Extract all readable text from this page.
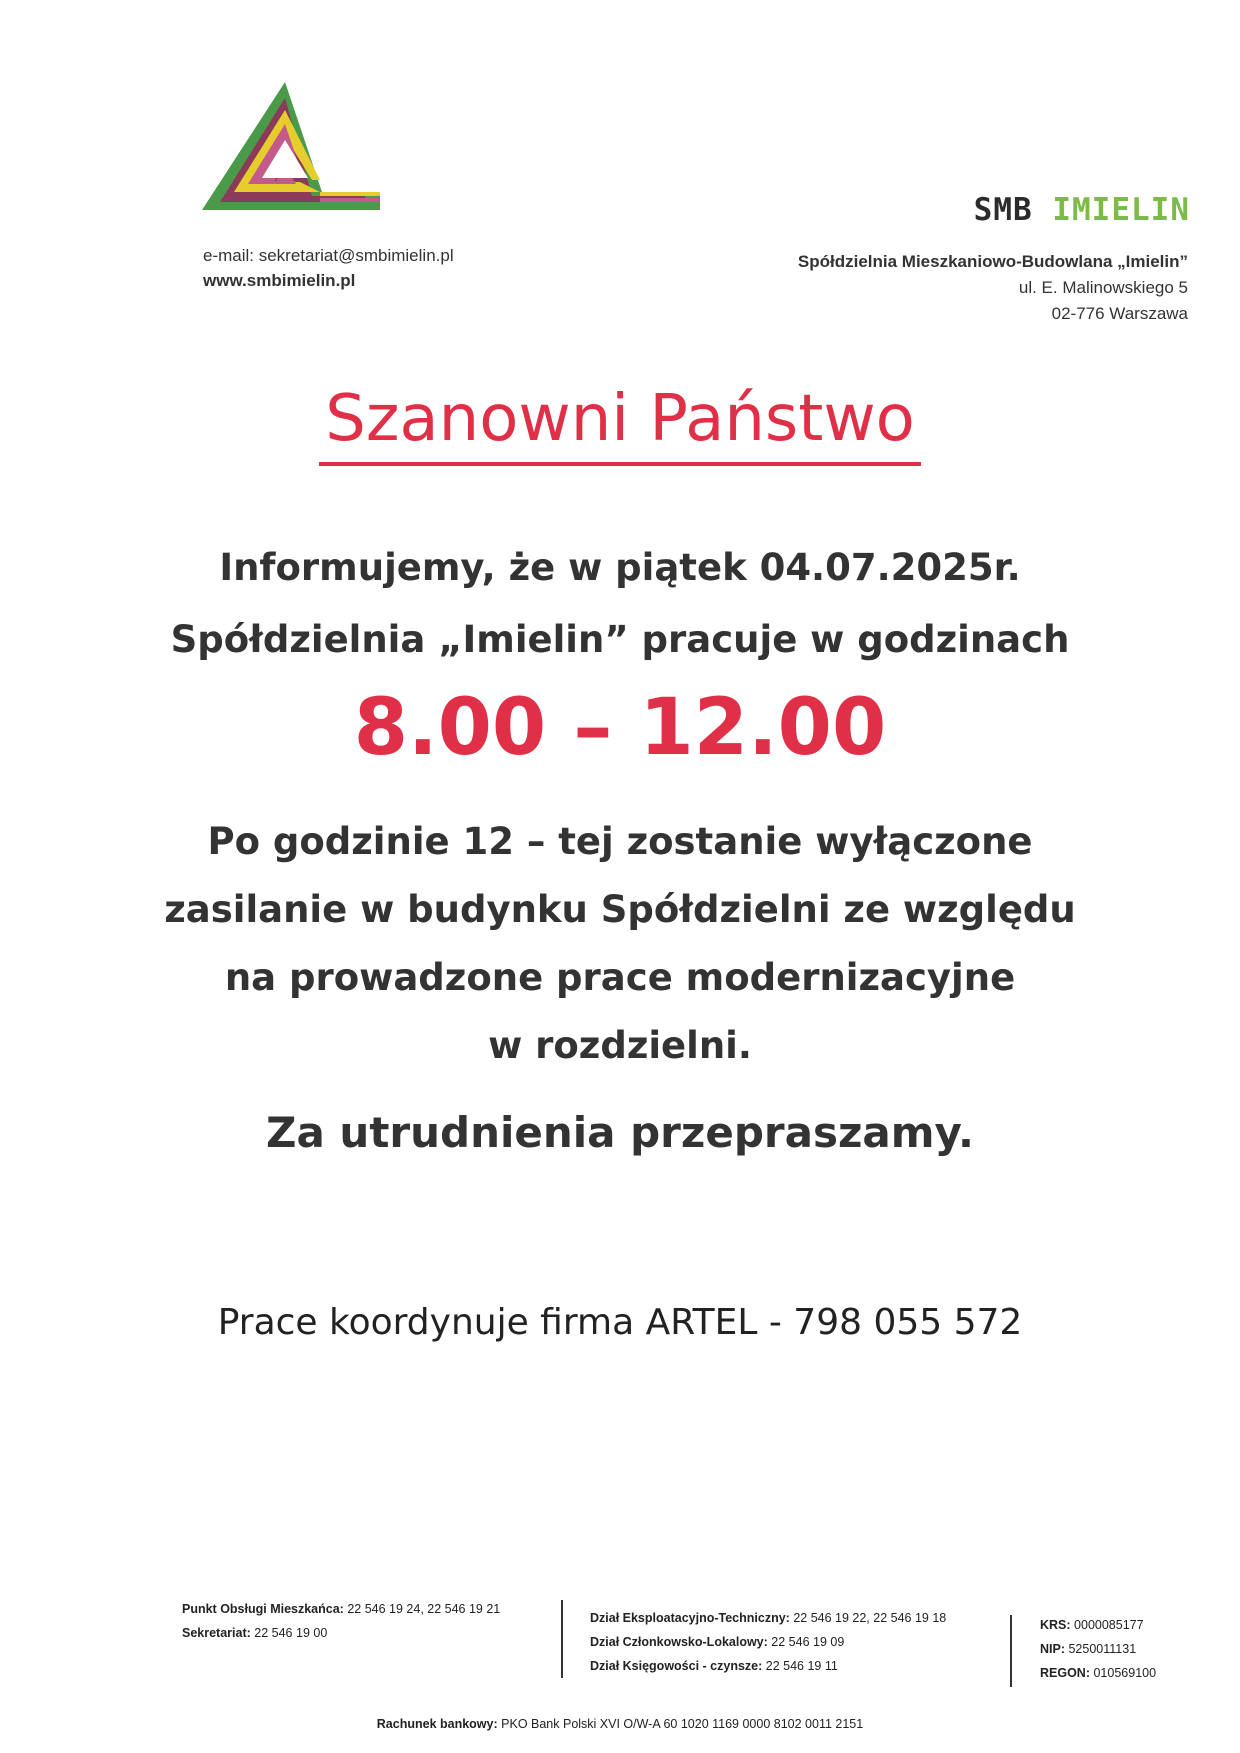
e-mail: sekretariat@smbimielin.pl
www.smbimielin.pl
SMB IMIELIN
Spółdzielnia Mieszkaniowo-Budowlana „Imielin”
ul. E. Malinowskiego 5
02-776 Warszawa
Szanowni Państwo
Informujemy, że w piątek 04.07.2025r.
Spółdzielnia „Imielin” pracuje w godzinach
8.00 – 12.00
Po godzinie 12 – tej zostanie wyłączone
zasilanie w budynku Spółdzielni ze względu
na prowadzone prace modernizacyjne
w rozdzielni.
Za utrudnienia przepraszamy.
Prace koordynuje firma ARTEL - 798 055 572
Punkt Obsługi Mieszkańca: 22 546 19 24, 22 546 19 21
Sekretariat: 22 546 19 00
Dział Eksploatacyjno-Techniczny: 22 546 19 22, 22 546 19 18
Dział Członkowsko-Lokalowy: 22 546 19 09
Dział Księgowości - czynsze: 22 546 19 11
KRS: 0000085177
NIP: 5250011131
REGON: 010569100
Rachunek bankowy: PKO Bank Polski XVI O/W-A 60 1020 1169 0000 8102 0011 2151
